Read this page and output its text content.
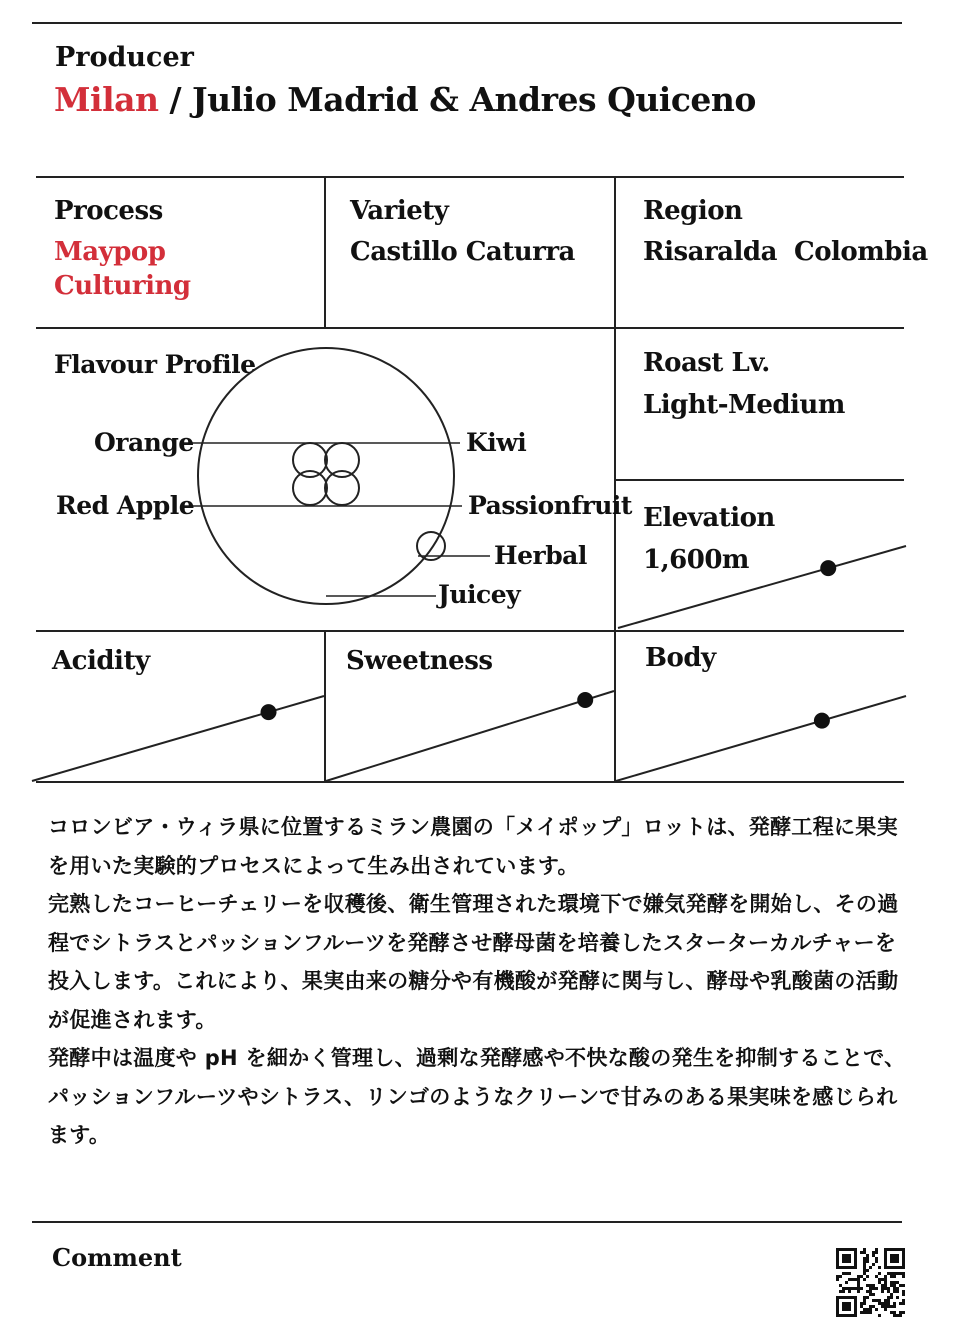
Producer
Milan / Julio Madrid & Andres Quiceno
Process
Maypop
Culturing
Variety
Castillo Caturra
Region
Risaralda  Colombia
Flavour Profile
Orange
Red Apple
Kiwi
Passionfruit
Herbal
Juicey
Roast Lv.
Light-Medium
Elevation
1,600m
Acidity	Sweetness	Body

コロンビア・ウィラ県に位置するミラン農園の「メイポップ」ロットは、発酵工程に果実を用いた実験的プロセスによって生み出されています。

完熟したコーヒーチェリーを収穫後、衛生管理された環境下で嫌気発酵を開始し、その過程でシトラスとパッションフルーツを発酵させ酵母菌を培養したスターターカルチャーを投入します。これにより、果実由来の糖分や有機酸が発酵に関与し、酵母や乳酸菌の活動が促進されます。

発酵中は温度や pH を細かく管理し、過剰な発酵感や不快な酸の発生を抑制することで、パッションフルーツやシトラス、リンゴのようなクリーンで甘みのある果実味を感じられます。

Comment
